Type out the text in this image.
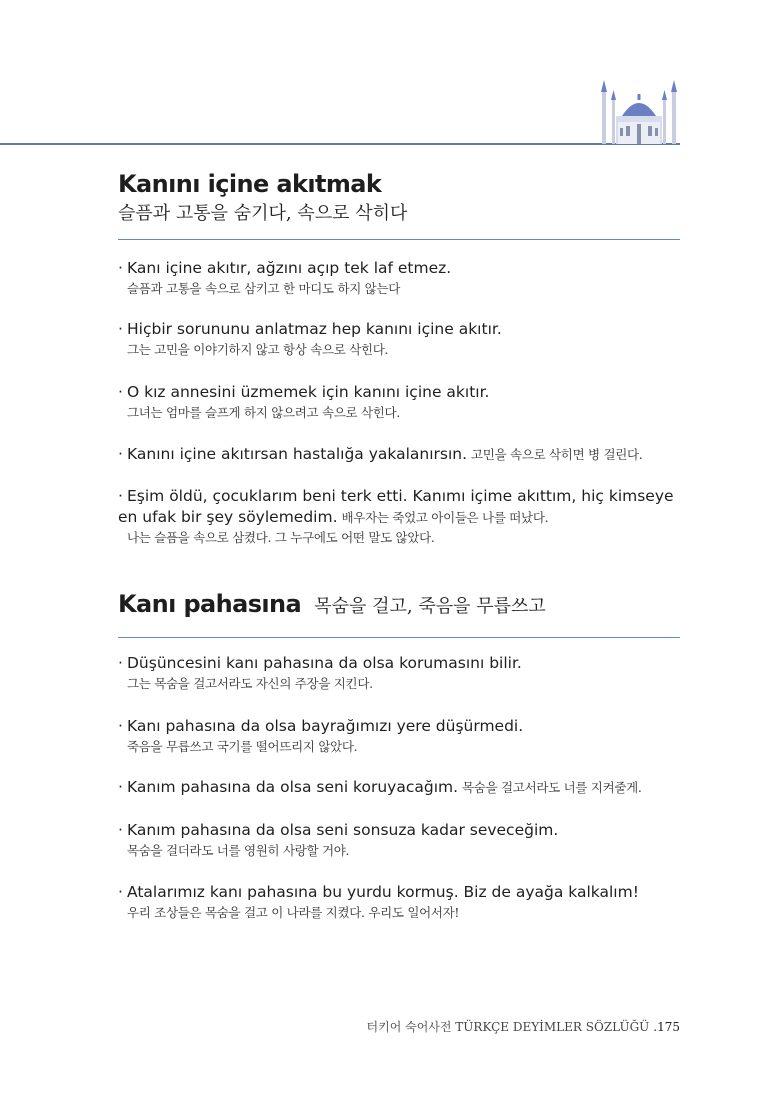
Kanını içine akıtmak
슬픔과 고통을 숨기다, 속으로 삭히다
· Kanı içine akıtır, ağzını açıp tek laf etmez.
슬픔과 고통을 속으로 삼키고 한 마디도 하지 않는다
· Hiçbir sorununu anlatmaz hep kanını içine akıtır.
그는 고민을 이야기하지 않고 항상 속으로 삭힌다.
· O kız annesini üzmemek için kanını içine akıtır.
그녀는 엄마를 슬프게 하지 않으려고 속으로 삭힌다.
· Kanını içine akıtırsan hastalığa yakalanırsın. 고민을 속으로 삭히면 병 걸린다.
· Eşim öldü, çocuklarım beni terk etti. Kanımı içime akıttım, hiç kimseye
en ufak bir şey söylemedim. 배우자는 죽었고 아이들은 나를 떠났다.
나는 슬픔을 속으로 삼켰다. 그 누구에도 어떤 말도 않았다.
Kanı pahasına 목숨을 걸고, 죽음을 무릅쓰고
· Düşüncesini kanı pahasına da olsa korumasını bilir.
그는 목숨을 걸고서라도 자신의 주장을 지킨다.
· Kanı pahasına da olsa bayrağımızı yere düşürmedi.
죽음을 무릅쓰고 국기를 떨어뜨리지 않았다.
· Kanım pahasına da olsa seni koruyacağım. 목숨을 걸고서라도 너를 지켜줄게.
· Kanım pahasına da olsa seni sonsuza kadar seveceğim.
목숨을 걸더라도 너를 영원히 사랑할 거야.
· Atalarımız kanı pahasına bu yurdu kormuş. Biz de ayağa kalkalım!
우리 조상들은 목숨을 걸고 이 나라를 지켰다. 우리도 일어서자!
터키어 숙어사전 TÜRKÇE DEYİMLER SÖZLÜĞÜ .175
